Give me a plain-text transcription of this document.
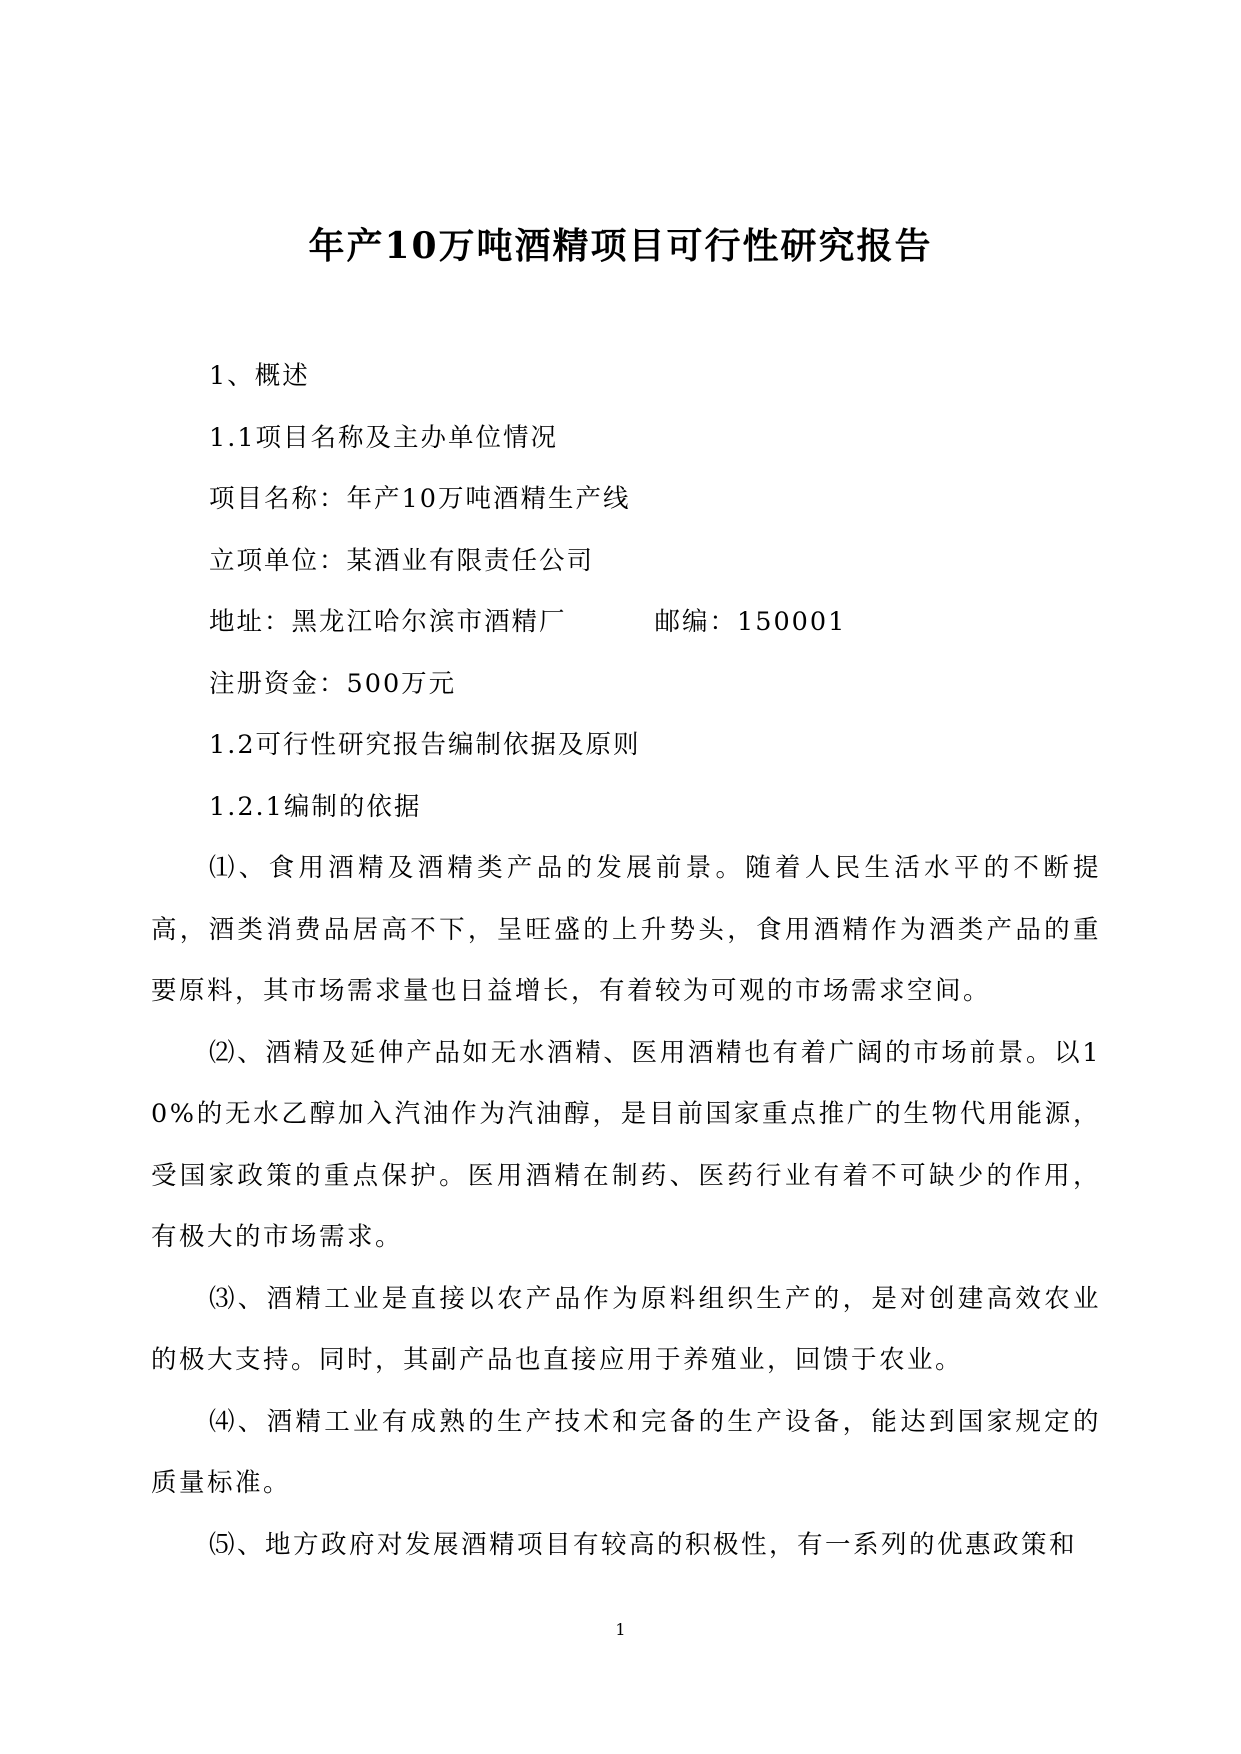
年产10万吨酒精项目可行性研究报告
1、概述
1.1项目名称及主办单位情况
项目名称：年产10万吨酒精生产线
立项单位：某酒业有限责任公司
地址：黑龙江哈尔滨市酒精厂	邮编：150001
注册资金：500万元
1.2可行性研究报告编制依据及原则
1.2.1编制的依据
⑴、食用酒精及酒精类产品的发展前景。随着人民生活水平的不断提高，酒类消费品居高不下，呈旺盛的上升势头，食用酒精作为酒类产品的重要原料，其市场需求量也日益增长，有着较为可观的市场需求空间。
⑵、酒精及延伸产品如无水酒精、医用酒精也有着广阔的市场前景。以10%的无水乙醇加入汽油作为汽油醇，是目前国家重点推广的生物代用能源，受国家政策的重点保护。医用酒精在制药、医药行业有着不可缺少的作用，有极大的市场需求。
⑶、酒精工业是直接以农产品作为原料组织生产的，是对创建高效农业的极大支持。同时，其副产品也直接应用于养殖业，回馈于农业。
⑷、酒精工业有成熟的生产技术和完备的生产设备，能达到国家规定的质量标准。
⑸、地方政府对发展酒精项目有较高的积极性，有一系列的优惠政策和
1
